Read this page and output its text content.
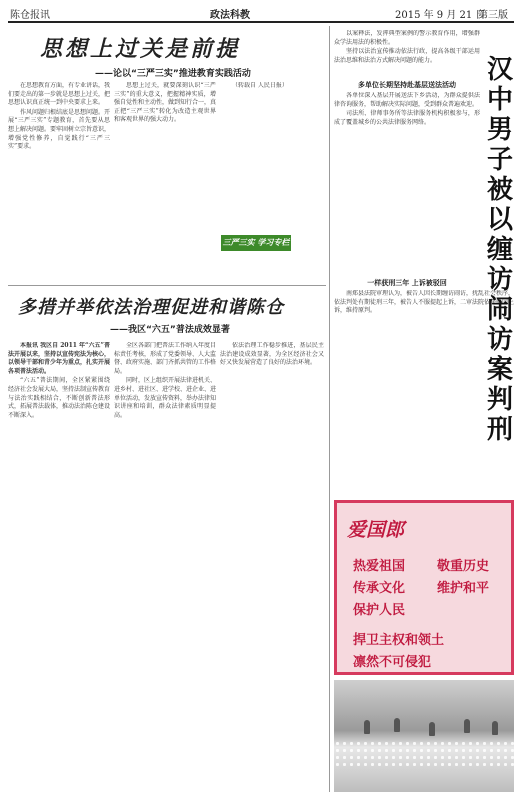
陈仓报讯	政法科教	2015 年 9 月 21 日
第三版
思想上过关是前提
——论以“三严三实”推进教育实践活动

在思想教育方面，有专业讲话，我们要走出的第一步就是思想上过关，把思想认识真正统一到中央要求上来。

作风问题归根结底是思想问题。开展“三严三实”专题教育，首先要从思想上解决问题。要牢固树立宗旨意识，增强党性修养，自觉践行“三严三实”要求。

思想上过关，就要深刻认识“三严三实”的重大意义，把握精神实质，增强自觉性和主动性，做到知行合一，真正把“三严三实”转化为改造主观世界和客观世界的强大动力。

（转载自 人民日报）

三严三实 学习专栏
多措并举依法治理促进和谐陈仓
——我区“六五”普法成效显著

本报讯 我区自 2011 年“六五”普法开展以来，坚持以宣传宪法为核心，以领导干部和青少年为重点，扎实开展各项普法活动。

“六五”普法期间，全区紧紧围绕经济社会发展大局，坚持法制宣传教育与法治实践相结合，不断创新普法形式，拓展普法载体，推动法治陈仓建设不断深入。

全区各部门把普法工作纳入年度目标责任考核，形成了党委领导、人大监督、政府实施、部门齐抓共管的工作格局。

同时，区上组织开展法律进机关、进乡村、进社区、进学校、进企业、进单位活动，发放宣传资料，举办法律知识讲座和培训，群众法律素质明显提高。

依法治理工作稳步推进，基层民主法治建设成效显著，为全区经济社会又好又快发展营造了良好的法治环境。

以案释法，发挥典型案例的警示教育作用，增强群众学法用法的积极性。

坚持以法治宣传推动依法行政，提高各级干部运用法治思维和法治方式解决问题的能力。

多单位长期坚持赴基层送法活动

各单位深入基层开展送法下乡活动，为群众提供法律咨询服务，帮助解决实际问题，受到群众普遍欢迎。

司法所、律师事务所等法律服务机构积极参与，形成了覆盖城乡的公共法律服务网络。

一样获刑三年 上诉被驳回

南郑县法院审理认为，被告人因长期缠访闹访，扰乱社会秩序，依法判处有期徒刑三年，被告人不服提起上诉，二审法院依法驳回上诉，维持原判。

汉
中
男
子
被
以
缠
访
闹
访
案
判
刑
爱国郎
热爱祖国 敬重历史
传承文化 维护和平
保护人民
捍卫主权和领土
凛然不可侵犯
